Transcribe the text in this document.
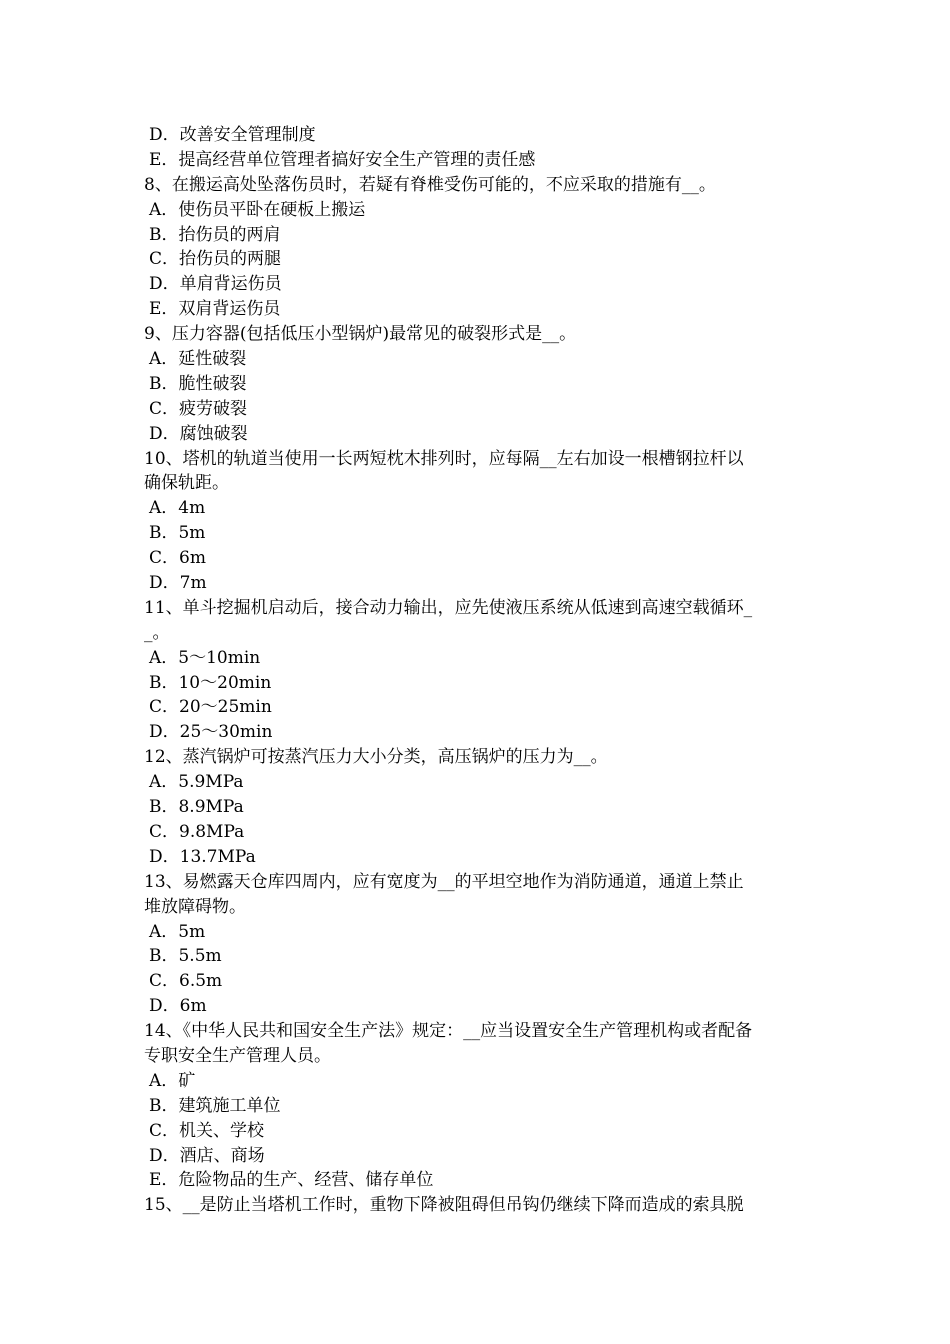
D．改善安全管理制度
E．提高经营单位管理者搞好安全生产管理的责任感
8、在搬运高处坠落伤员时，若疑有脊椎受伤可能的，不应采取的措施有__。
A．使伤员平卧在硬板上搬运
B．抬伤员的两肩
C．抬伤员的两腿
D．单肩背运伤员
E．双肩背运伤员
9、压力容器(包括低压小型锅炉)最常见的破裂形式是__。
A．延性破裂
B．脆性破裂
C．疲劳破裂
D．腐蚀破裂
10、塔机的轨道当使用一长两短枕木排列时，应每隔__左右加设一根槽钢拉杆以
确保轨距。
A．4m
B．5m
C．6m
D．7m
11、单斗挖掘机启动后，接合动力输出，应先使液压系统从低速到高速空载循环_
_。
A．5～10min
B．10～20min
C．20～25min
D．25～30min
12、蒸汽锅炉可按蒸汽压力大小分类，高压锅炉的压力为__。
A．5.9MPa
B．8.9MPa
C．9.8MPa
D．13.7MPa
13、易燃露天仓库四周内，应有宽度为__的平坦空地作为消防通道，通道上禁止
堆放障碍物。
A．5m
B．5.5m
C．6.5m
D．6m
14、《中华人民共和国安全生产法》规定：__应当设置安全生产管理机构或者配备
专职安全生产管理人员。
A．矿
B．建筑施工单位
C．机关、学校
D．酒店、商场
E．危险物品的生产、经营、储存单位
15、__是防止当塔机工作时，重物下降被阻碍但吊钩仍继续下降而造成的索具脱
